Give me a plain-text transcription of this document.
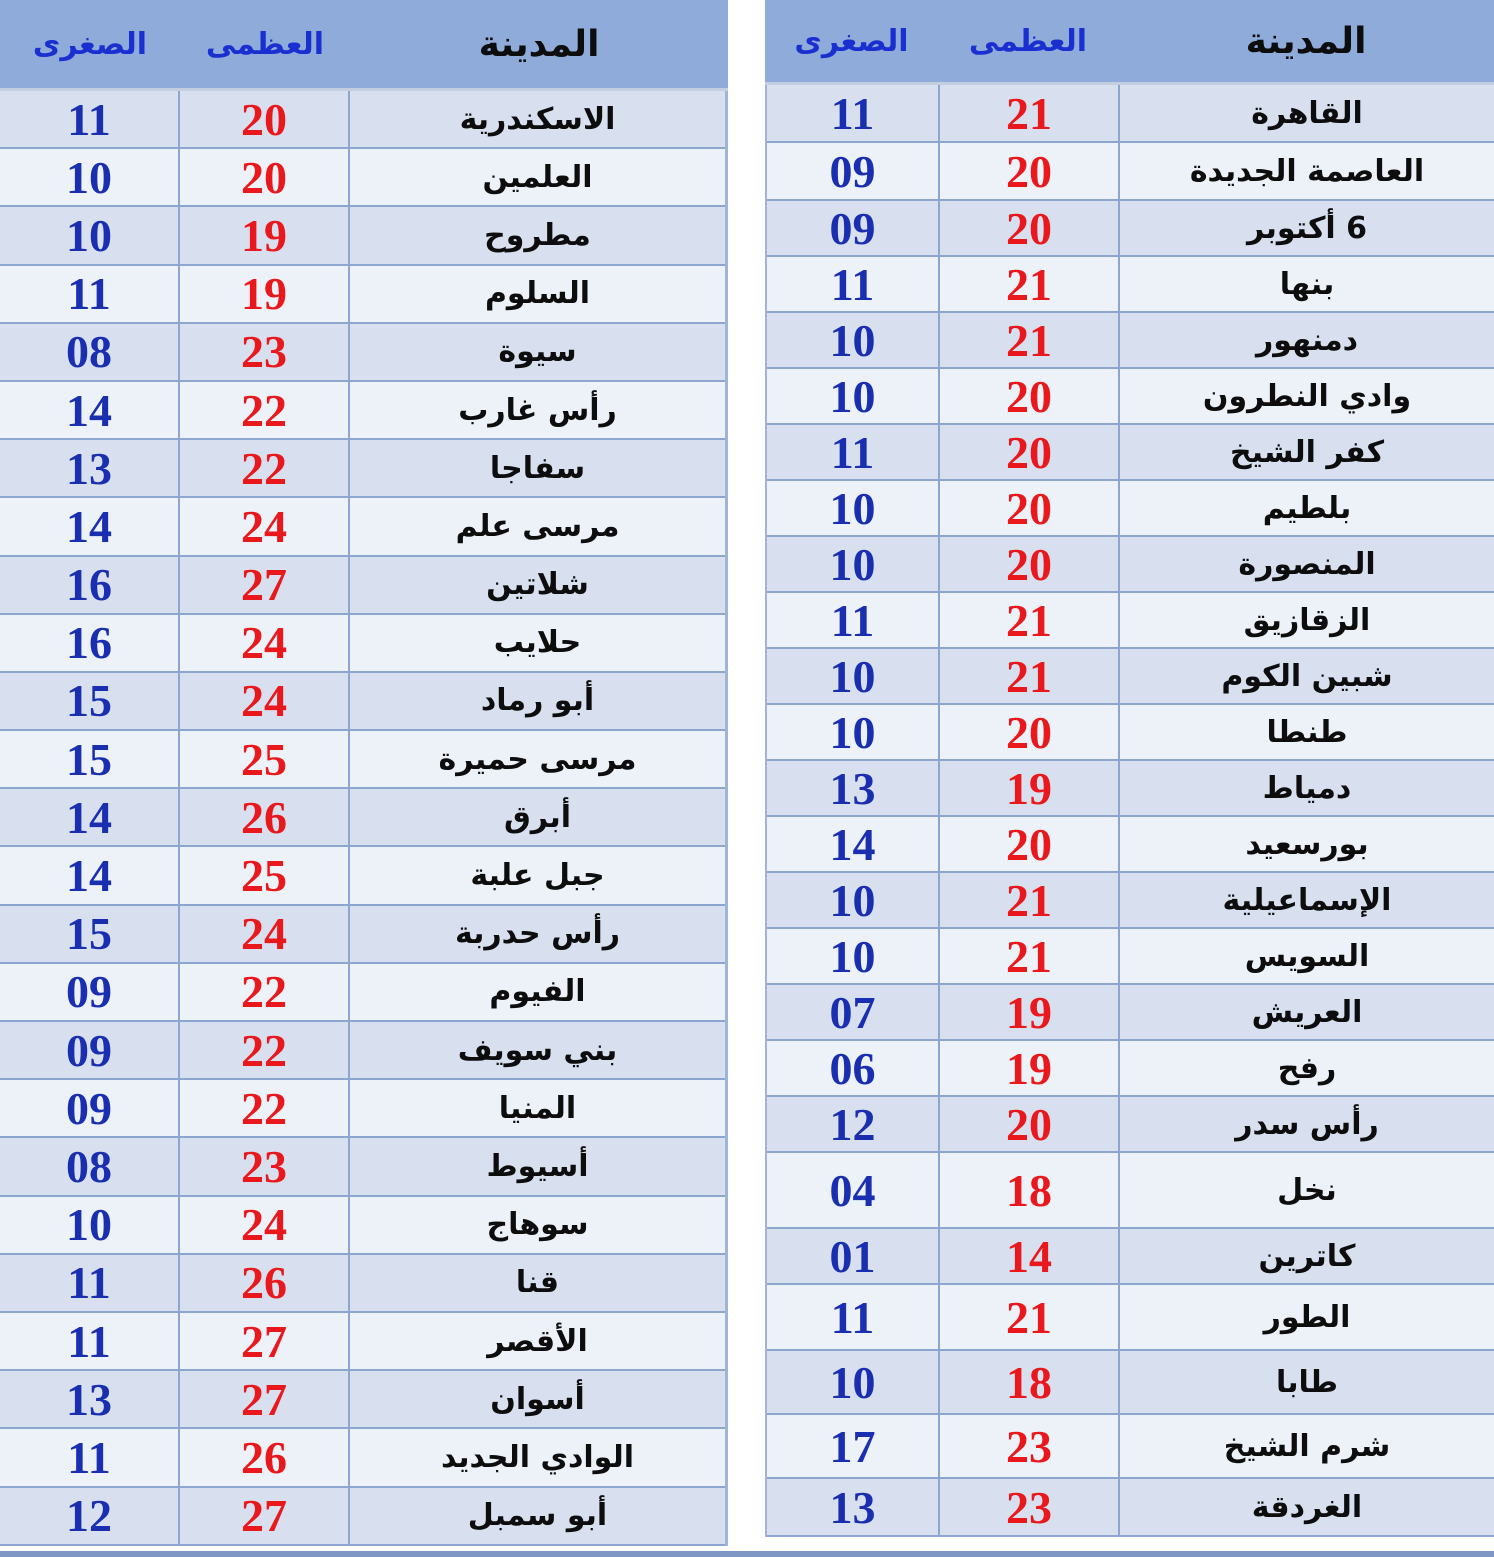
الصغرى	العظمى	المدينة
11	20	الاسكندرية
10	20	العلمين
10	19	مطروح
11	19	السلوم
08	23	سيوة
14	22	رأس غارب
13	22	سفاجا
14	24	مرسى علم
16	27	شلاتين
16	24	حلايب
15	24	أبو رماد
15	25	مرسى حميرة
14	26	أبرق
14	25	جبل علبة
15	24	رأس حدربة
09	22	الفيوم
09	22	بني سويف
09	22	المنيا
08	23	أسيوط
10	24	سوهاج
11	26	قنا
11	27	الأقصر
13	27	أسوان
11	26	الوادي الجديد
12	27	أبو سمبل
الصغرى	العظمى	المدينة
11	21	القاهرة
09	20	العاصمة الجديدة
09	20	6 أكتوبر
11	21	بنها
10	21	دمنهور
10	20	وادي النطرون
11	20	كفر الشيخ
10	20	بلطيم
10	20	المنصورة
11	21	الزقازيق
10	21	شبين الكوم
10	20	طنطا
13	19	دمياط
14	20	بورسعيد
10	21	الإسماعيلية
10	21	السويس
07	19	العريش
06	19	رفح
12	20	رأس سدر
04	18	نخل
01	14	كاترين
11	21	الطور
10	18	طابا
17	23	شرم الشيخ
13	23	الغردقة
